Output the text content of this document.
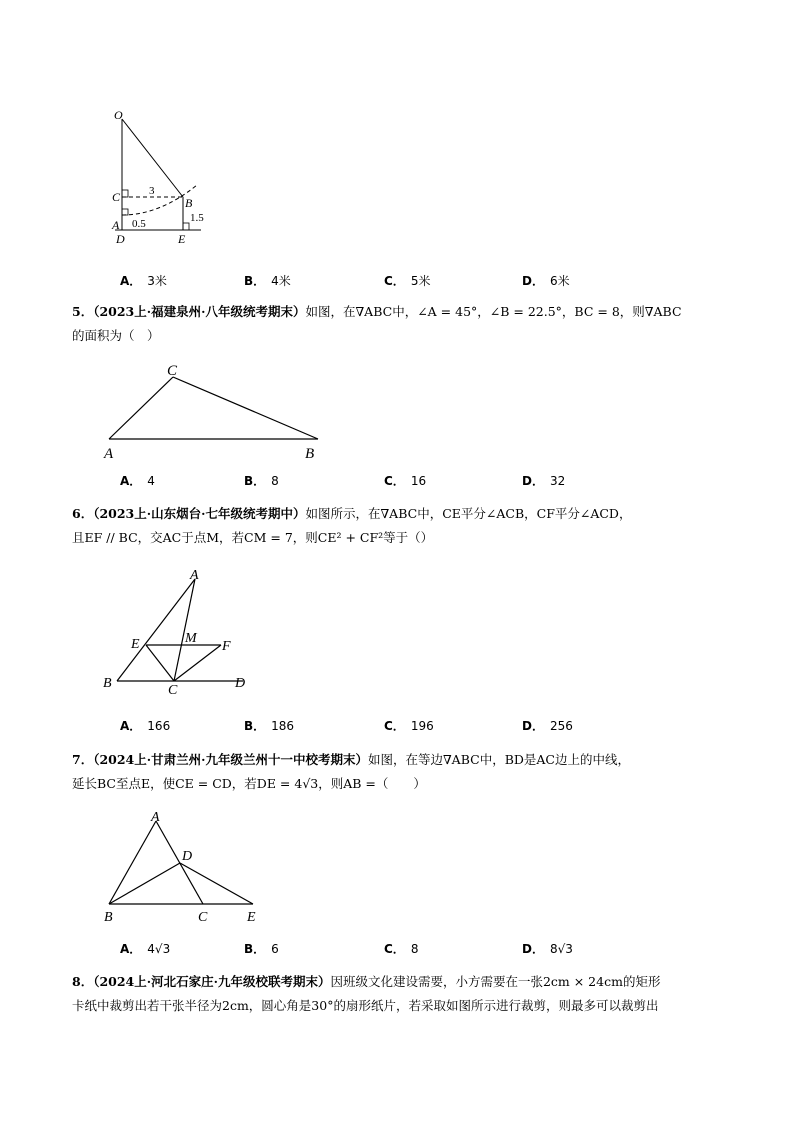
O
C	B
A
D	E
3
0.5	1.5
A． 3米	B． 4米	C． 5米	D． 6米
5．（2023上·福建泉州·八年级统考期末）如图，在∇ABC中，∠A = 45°，∠B = 22.5°，BC = 8，则∇ABC
的面积为（　）
C
A	B
A． 4	B． 8	C． 16	D． 32
6．（2023上·山东烟台·七年级统考期中）如图所示，在∇ABC中，CE平分∠ACB，CF平分∠ACD，
且EF // BC，交AC于点M，若CM = 7，则CE² + CF²等于（）
A
E	M
F
B	C	D
A． 166	B． 186	C． 196	D． 256
7．（2024上·甘肃兰州·九年级兰州十一中校考期末）如图，在等边∇ABC中，BD是AC边上的中线，
延长BC至点E，使CE = CD，若DE = 4√3，则AB =（　　）
A
D
B	C	E
A． 4√3	B． 6	C． 8	D． 8√3
8．（2024上·河北石家庄·九年级校联考期末）因班级文化建设需要，小方需要在一张2cm × 24cm的矩形
卡纸中裁剪出若干张半径为2cm，圆心角是30°的扇形纸片，若采取如图所示进行裁剪，则最多可以裁剪出
